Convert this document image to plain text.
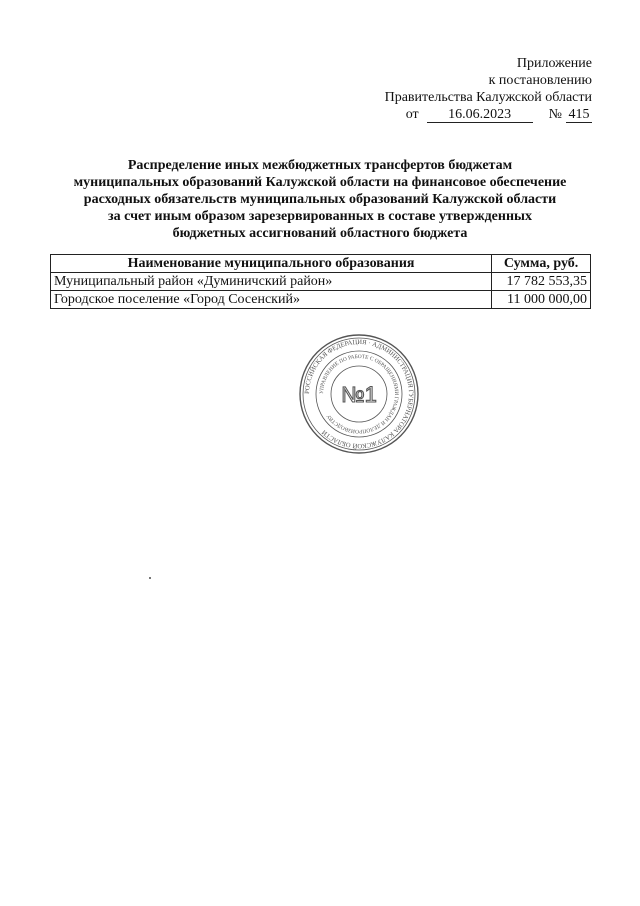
Приложение
к постановлению
Правительства Калужской области
от 16.06.2023	№ 415
Распределение иных межбюджетных трансфертов бюджетам
муниципальных образований Калужской области на финансовое обеспечение
расходных обязательств муниципальных образований Калужской области
за счет иным образом зарезервированных в составе утвержденных
бюджетных ассигнований областного бюджета
Наименование муниципального образования	Сумма, руб.
Муниципальный район «Думиничский район»	17 782 553,35
Городское поселение «Город Сосенский»	11 000 000,00
РОССИЙСКАЯ ФЕДЕРАЦИЯ · АДМИНИСТРАЦИЯ ГУБЕРНАТОРА КАЛУЖСКОЙ ОБЛАСТИ
УПРАВЛЕНИЕ ПО РАБОТЕ С ОБРАЩЕНИЯМИ ГРАЖДАН И ДЕЛОПРОИЗВОДСТВУ
№1
